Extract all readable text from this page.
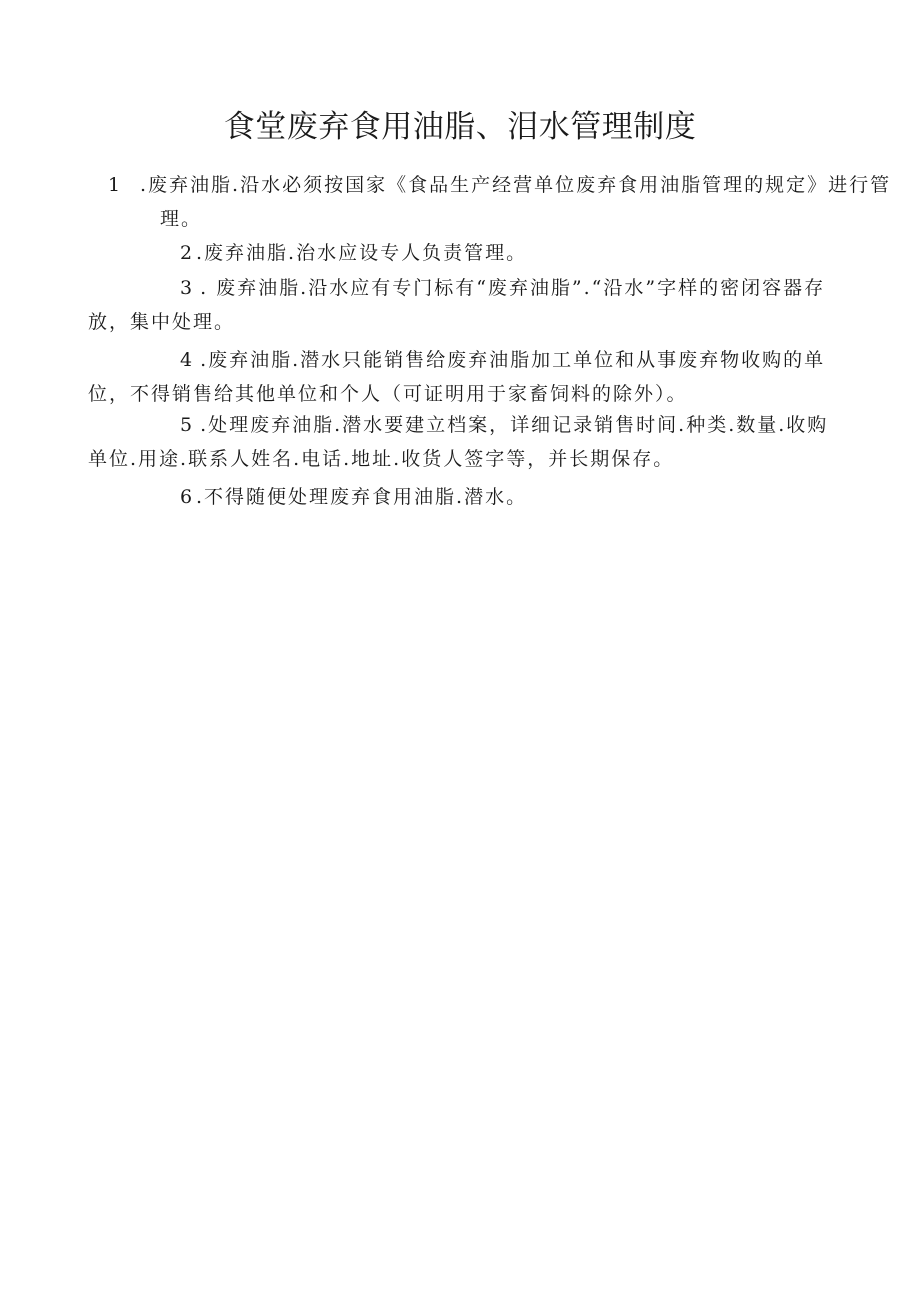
食堂废弃食用油脂、泪水管理制度

1 .废弃油脂.沿水必须按国家《食品生产经营单位废弃食用油脂管理的规定》进行管理。

2 .废弃油脂.治水应设专人负责管理。

3 . 废弃油脂.沿水应有专门标有“废弃油脂”.“沿水”字样的密闭容器存放，集中处理。

4 .废弃油脂.潜水只能销售给废弃油脂加工单位和从事废弃物收购的单位，不得销售给其他单位和个人（可证明用于家畜饲料的除外）。

5 .处理废弃油脂.潜水要建立档案，详细记录销售时间.种类.数量.收购单位.用途.联系人姓名.电话.地址.收货人签字等，并长期保存。

6 .不得随便处理废弃食用油脂.潜水。
